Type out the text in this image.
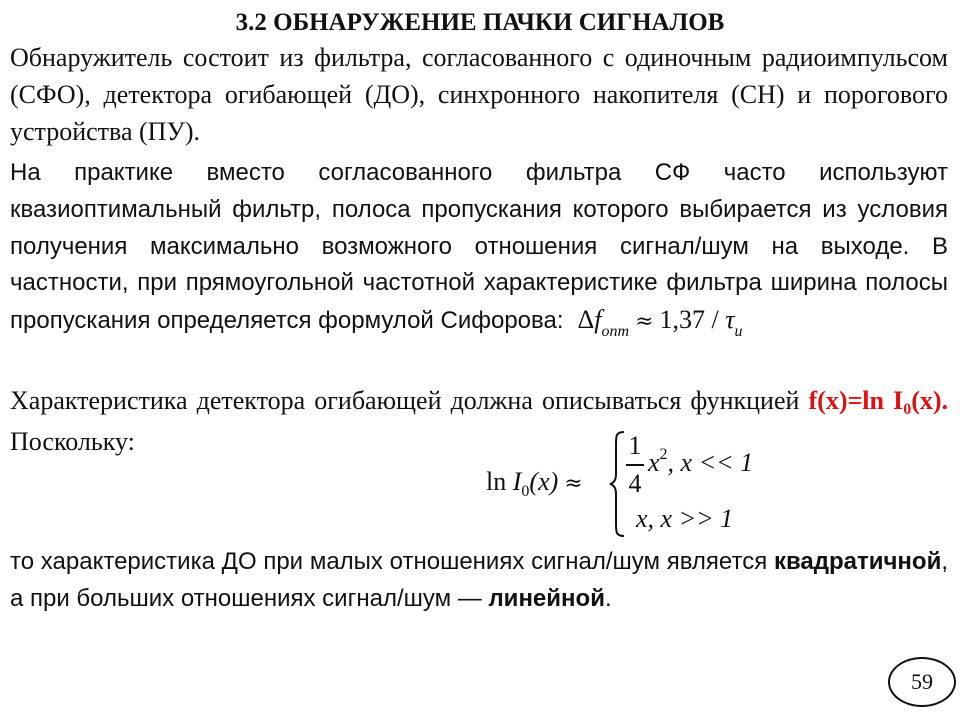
3.2 ОБНАРУЖЕНИЕ ПАЧКИ СИГНАЛОВ
Обнаружитель состоит из фильтра, согласованного с одиночным радиоимпульсом (СФО), детектора огибающей (ДО), синхронного накопителя (СН) и порогового устройства (ПУ).
На практике вместо согласованного фильтра СФ часто используют квазиоптимальный фильтр, полоса пропускания которого выбирается из условия получения максимально возможного отношения сигнал/шум на выходе. В частности, при прямоугольной частотной характеристике фильтра ширина полосы пропускания определяется формулой Сифорова: $\Delta f_{опт} \approx 1,37 / \tau_и$
Характеристика детектора огибающей должна описываться функцией f(x)=ln I0(x). Поскольку:
$\ln I_0(x)$ ≈
1
4
$x^2$, x << 1
x, x >> 1
то характеристика ДО при малых отношениях сигнал/шум является квадратичной, а при больших отношениях сигнал/шум — линейной.
59
